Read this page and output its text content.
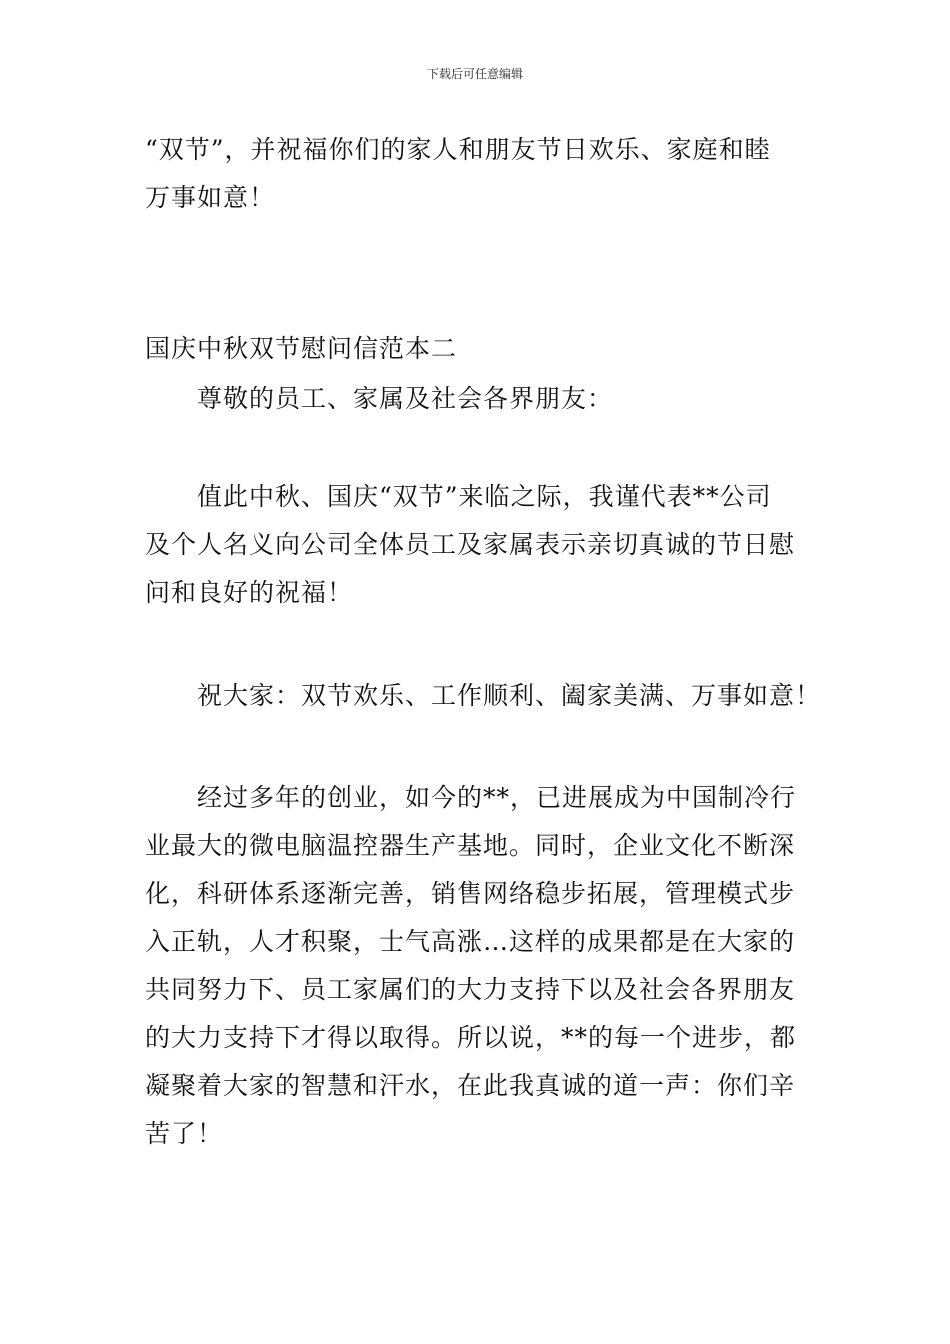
下载后可任意编辑
“双节”，并祝福你们的家人和朋友节日欢乐、家庭和睦
万事如意！
国庆中秋双节慰问信范本二
尊敬的员工、家属及社会各界朋友：
值此中秋、国庆“双节”来临之际，我谨代表**公司
及个人名义向公司全体员工及家属表示亲切真诚的节日慰
问和良好的祝福！
祝大家：双节欢乐、工作顺利、阖家美满、万事如意！
经过多年的创业，如今的**，已进展成为中国制冷行
业最大的微电脑温控器生产基地。同时，企业文化不断深
化，科研体系逐渐完善，销售网络稳步拓展，管理模式步
入正轨，人才积聚，士气高涨…这样的成果都是在大家的
共同努力下、员工家属们的大力支持下以及社会各界朋友
的大力支持下才得以取得。所以说，**的每一个进步，都
凝聚着大家的智慧和汗水，在此我真诚的道一声：你们辛
苦了！
